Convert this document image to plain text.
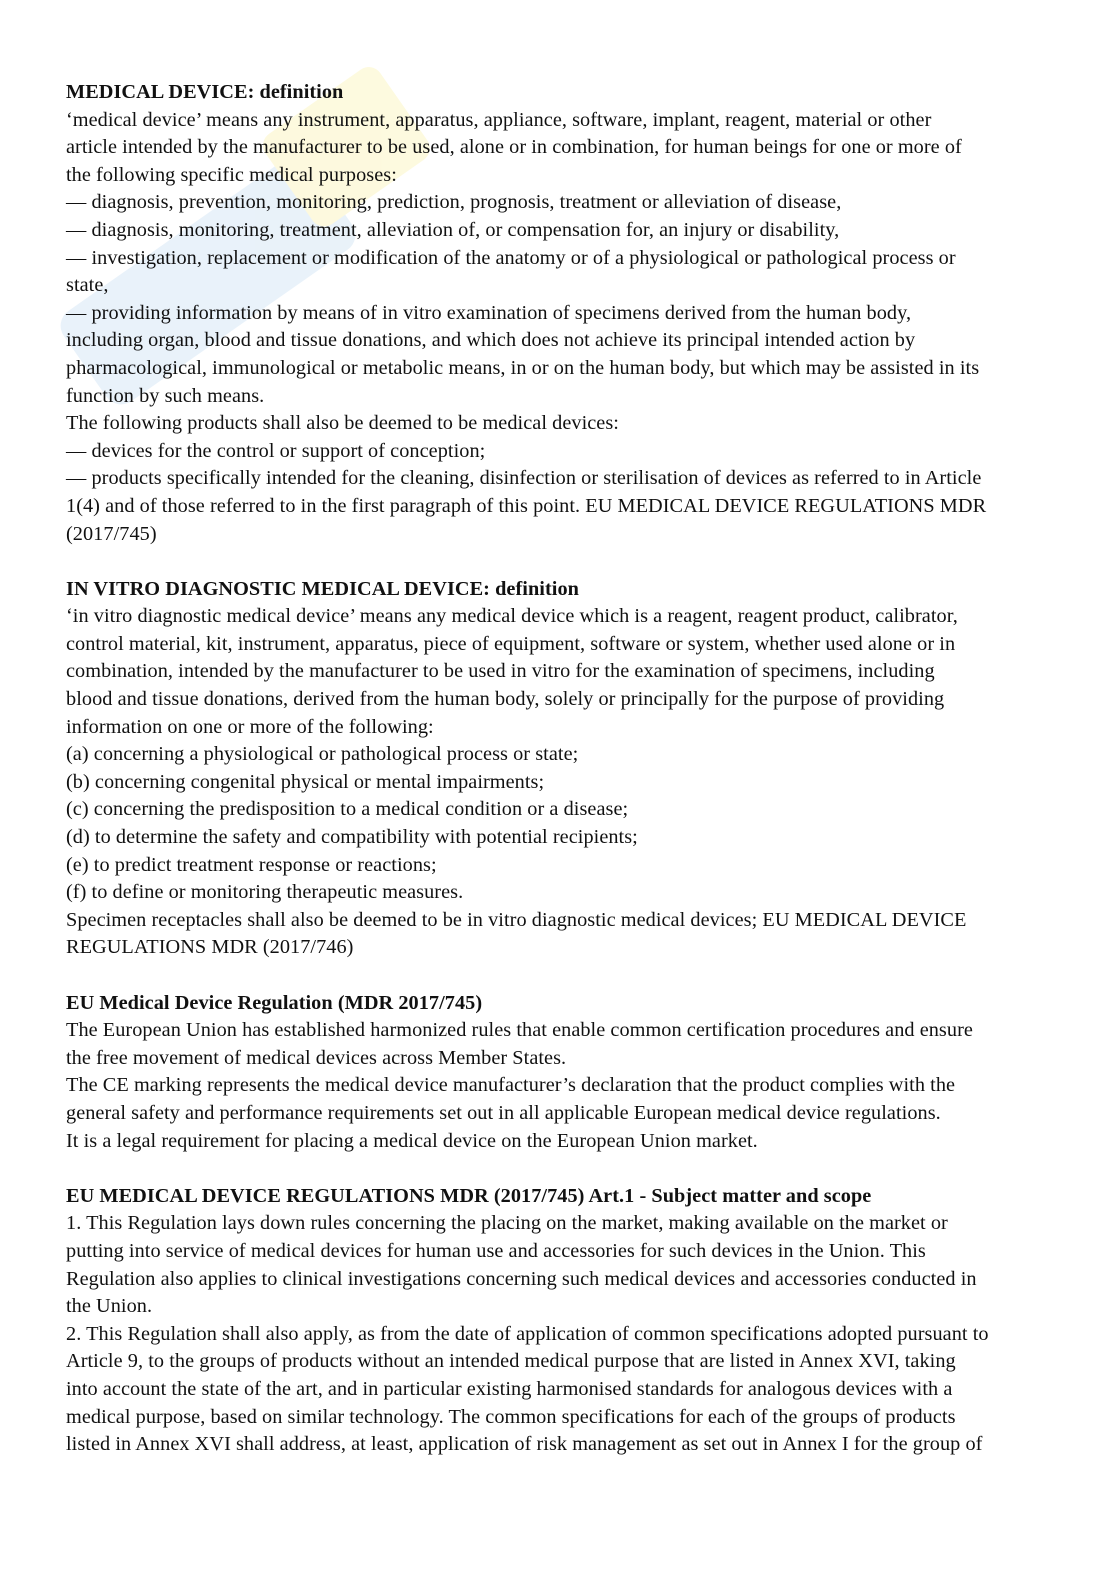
MEDICAL DEVICE: definition
‘medical device’ means any instrument, apparatus, appliance, software, implant, reagent, material or other
article intended by the manufacturer to be used, alone or in combination, for human beings for one or more of
the following specific medical purposes:
— diagnosis, prevention, monitoring, prediction, prognosis, treatment or alleviation of disease,
— diagnosis, monitoring, treatment, alleviation of, or compensation for, an injury or disability,
— investigation, replacement or modification of the anatomy or of a physiological or pathological process or
state,
— providing information by means of in vitro examination of specimens derived from the human body,
including organ, blood and tissue donations, and which does not achieve its principal intended action by
pharmacological, immunological or metabolic means, in or on the human body, but which may be assisted in its
function by such means.
The following products shall also be deemed to be medical devices:
— devices for the control or support of conception;
— products specifically intended for the cleaning, disinfection or sterilisation of devices as referred to in Article
1(4) and of those referred to in the first paragraph of this point. EU MEDICAL DEVICE REGULATIONS MDR
(2017/745)
IN VITRO DIAGNOSTIC MEDICAL DEVICE: definition
‘in vitro diagnostic medical device’ means any medical device which is a reagent, reagent product, calibrator,
control material, kit, instrument, apparatus, piece of equipment, software or system, whether used alone or in
combination, intended by the manufacturer to be used in vitro for the examination of specimens, including
blood and tissue donations, derived from the human body, solely or principally for the purpose of providing
information on one or more of the following:
(a) concerning a physiological or pathological process or state;
(b) concerning congenital physical or mental impairments;
(c) concerning the predisposition to a medical condition or a disease;
(d) to determine the safety and compatibility with potential recipients;
(e) to predict treatment response or reactions;
(f) to define or monitoring therapeutic measures.
Specimen receptacles shall also be deemed to be in vitro diagnostic medical devices; EU MEDICAL DEVICE
REGULATIONS MDR (2017/746)
EU Medical Device Regulation (MDR 2017/745)
The European Union has established harmonized rules that enable common certification procedures and ensure
the free movement of medical devices across Member States.
The CE marking represents the medical device manufacturer’s declaration that the product complies with the
general safety and performance requirements set out in all applicable European medical device regulations.
It is a legal requirement for placing a medical device on the European Union market.
EU MEDICAL DEVICE REGULATIONS MDR (2017/745) Art.1 - Subject matter and scope
1. This Regulation lays down rules concerning the placing on the market, making available on the market or
putting into service of medical devices for human use and accessories for such devices in the Union. This
Regulation also applies to clinical investigations concerning such medical devices and accessories conducted in
the Union.
2. This Regulation shall also apply, as from the date of application of common specifications adopted pursuant to
Article 9, to the groups of products without an intended medical purpose that are listed in Annex XVI, taking
into account the state of the art, and in particular existing harmonised standards for analogous devices with a
medical purpose, based on similar technology. The common specifications for each of the groups of products
listed in Annex XVI shall address, at least, application of risk management as set out in Annex I for the group of
